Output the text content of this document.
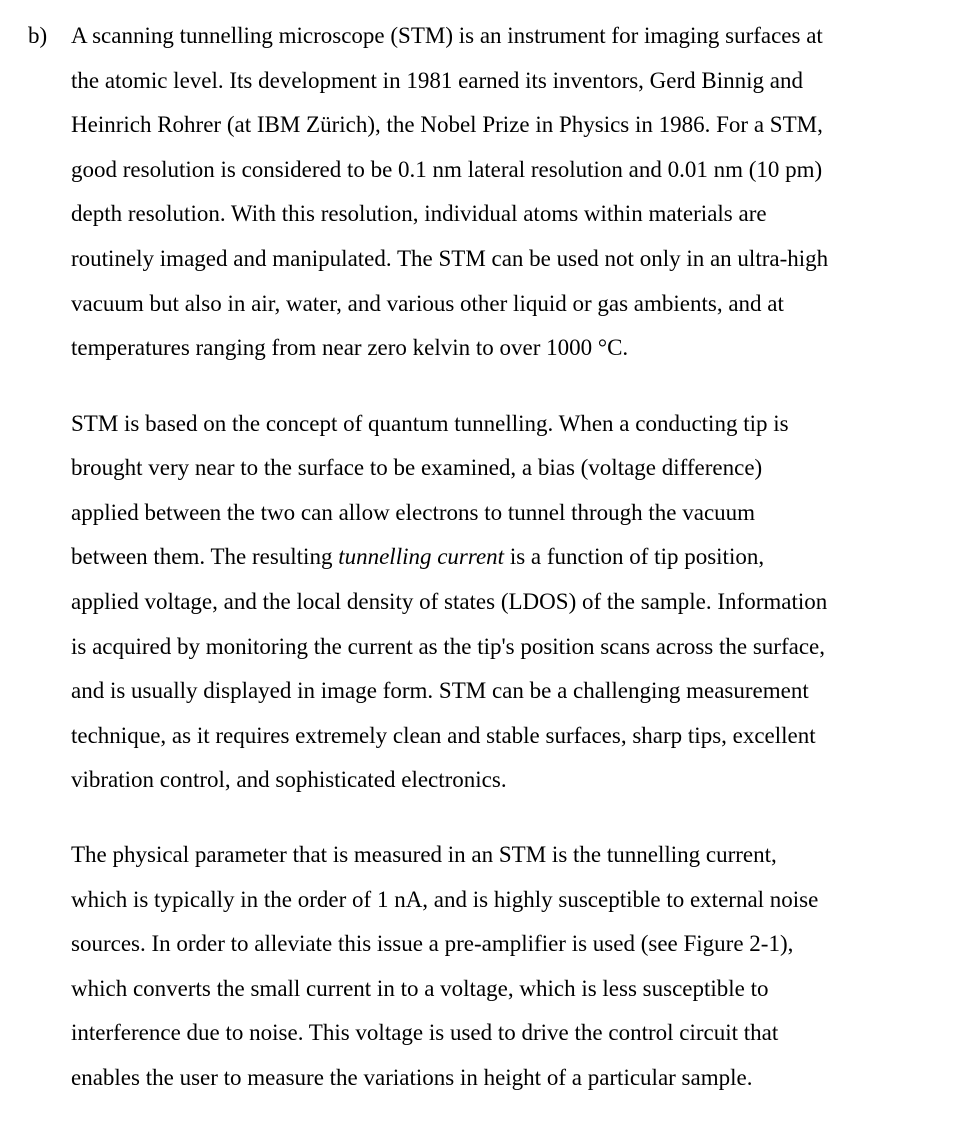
b) A scanning tunnelling microscope (STM) is an instrument for imaging surfaces at
the atomic level. Its development in 1981 earned its inventors, Gerd Binnig and
Heinrich Rohrer (at IBM Zürich), the Nobel Prize in Physics in 1986. For a STM,
good resolution is considered to be 0.1 nm lateral resolution and 0.01 nm (10 pm)
depth resolution. With this resolution, individual atoms within materials are
routinely imaged and manipulated. The STM can be used not only in an ultra-high
vacuum but also in air, water, and various other liquid or gas ambients, and at
temperatures ranging from near zero kelvin to over 1000 °C.
STM is based on the concept of quantum tunnelling. When a conducting tip is
brought very near to the surface to be examined, a bias (voltage difference)
applied between the two can allow electrons to tunnel through the vacuum
between them. The resulting tunnelling current is a function of tip position,
applied voltage, and the local density of states (LDOS) of the sample. Information
is acquired by monitoring the current as the tip's position scans across the surface,
and is usually displayed in image form. STM can be a challenging measurement
technique, as it requires extremely clean and stable surfaces, sharp tips, excellent
vibration control, and sophisticated electronics.
The physical parameter that is measured in an STM is the tunnelling current,
which is typically in the order of 1 nA, and is highly susceptible to external noise
sources. In order to alleviate this issue a pre-amplifier is used (see Figure 2-1),
which converts the small current in to a voltage, which is less susceptible to
interference due to noise. This voltage is used to drive the control circuit that
enables the user to measure the variations in height of a particular sample.
